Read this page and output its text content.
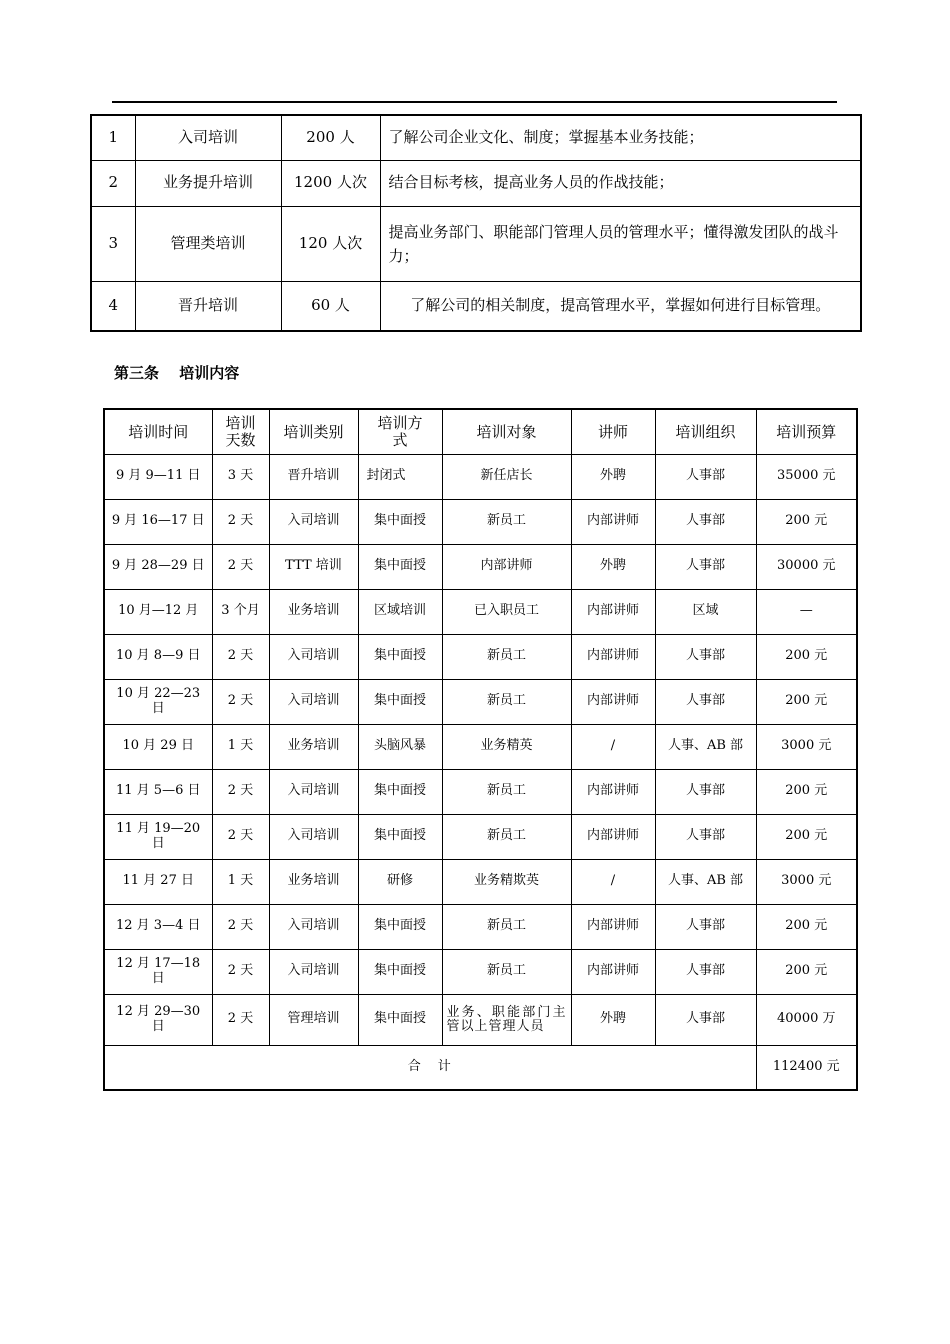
1	入司培训	200 人	了解公司企业文化、制度；掌握基本业务技能；
2	业务提升培训	1200 人次	结合目标考核，提高业务人员的作战技能；
3	管理类培训	120 人次	提高业务部门、职能部门管理人员的管理水平；懂得激发团队的战斗力；
4	晋升培训	60 人	了解公司的相关制度，提高管理水平，掌握如何进行目标管理。
第三条　 培训内容
培训时间	培训天数	培训类别	培训方式	培训对象	讲师	培训组织	培训预算
9 月 9—11 日	3 天	晋升培训	封闭式	新任店长	外聘	人事部	35000 元
9 月 16—17 日	2 天	入司培训	集中面授	新员工	内部讲师	人事部	200 元
9 月 28—29 日	2 天	TTT 培训	集中面授	内部讲师	外聘	人事部	30000 元
10 月—12 月	3 个月	业务培训	区域培训	已入职员工	内部讲师	区域	—
10 月 8—9 日	2 天	入司培训	集中面授	新员工	内部讲师	人事部	200 元
10 月 22—23 日	2 天	入司培训	集中面授	新员工	内部讲师	人事部	200 元
10 月 29 日	1 天	业务培训	头脑风暴	业务精英	/	人事、AB 部	3000 元
11 月 5—6 日	2 天	入司培训	集中面授	新员工	内部讲师	人事部	200 元
11 月 19—20 日	2 天	入司培训	集中面授	新员工	内部讲师	人事部	200 元
11 月 27 日	1 天	业务培训	研修	业务精欺英	/	人事、AB 部	3000 元
12 月 3—4 日	2 天	入司培训	集中面授	新员工	内部讲师	人事部	200 元
12 月 17—18 日	2 天	入司培训	集中面授	新员工	内部讲师	人事部	200 元
12 月 29—30 日	2 天	管理培训	集中面授	业务、职能部门主管以上管理人员	外聘	人事部	40000 万
合　计							112400 元
